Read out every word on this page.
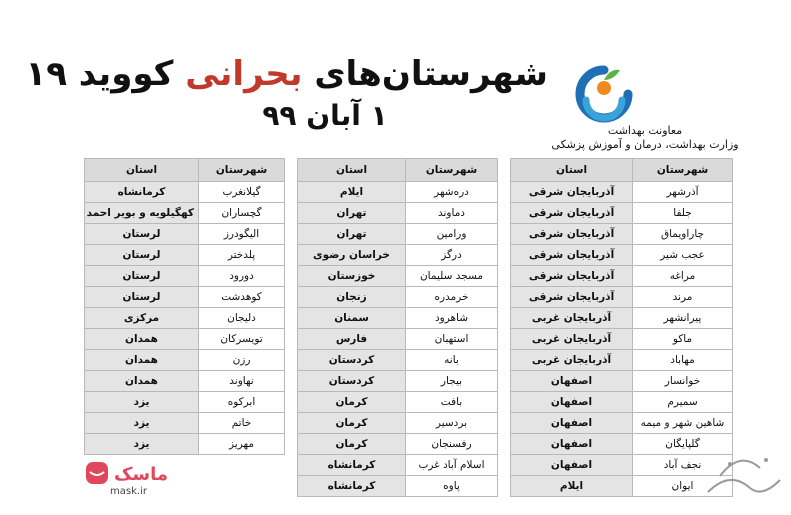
شهرستان‌های بحرانی کووید ۱۹
۱ آبان ۹۹	معاونت بهداشت
وزارت بهداشت، درمان و آموزش پزشکی
شهرستان	استان
آذرشهر	آذربایجان شرقی
جلفا	آذربایجان شرقی
چاراویماق	آذربایجان شرقی
عجب شیر	آذربایجان شرقی
مراغه	آذربایجان شرقی
مرند	آذربایجان شرقی
پیرانشهر	آذربایجان غربی
ماکو	آذربایجان غربی
مهاباد	آذربایجان غربی
خوانسار	اصفهان
سمیرم	اصفهان
شاهین شهر و میمه	اصفهان
گلپایگان	اصفهان
نجف آباد	اصفهان
ایوان	ایلام
شهرستان	استان
دره‌شهر	ایلام
دماوند	تهران
ورامین	تهران
درگز	خراسان رضوی
مسجد سلیمان	خوزستان
خرمدره	زنجان
شاهرود	سمنان
استهبان	فارس
بانه	کردستان
بیجار	کردستان
بافت	کرمان
بردسیر	کرمان
رفسنجان	کرمان
اسلام آباد غرب	کرمانشاه
پاوه	کرمانشاه
شهرستان	استان
گیلانغرب	کرمانشاه
گچساران	کهگیلویه و بویر احمد
الیگودرز	لرستان
پلدختر	لرستان
دورود	لرستان
کوهدشت	لرستان
دلیجان	مرکزی
تویسرکان	همدان
رزن	همدان
نهاوند	همدان
ابرکوه	یزد
خاتم	یزد
مهریز	یزد
ماسک
mask.ir
